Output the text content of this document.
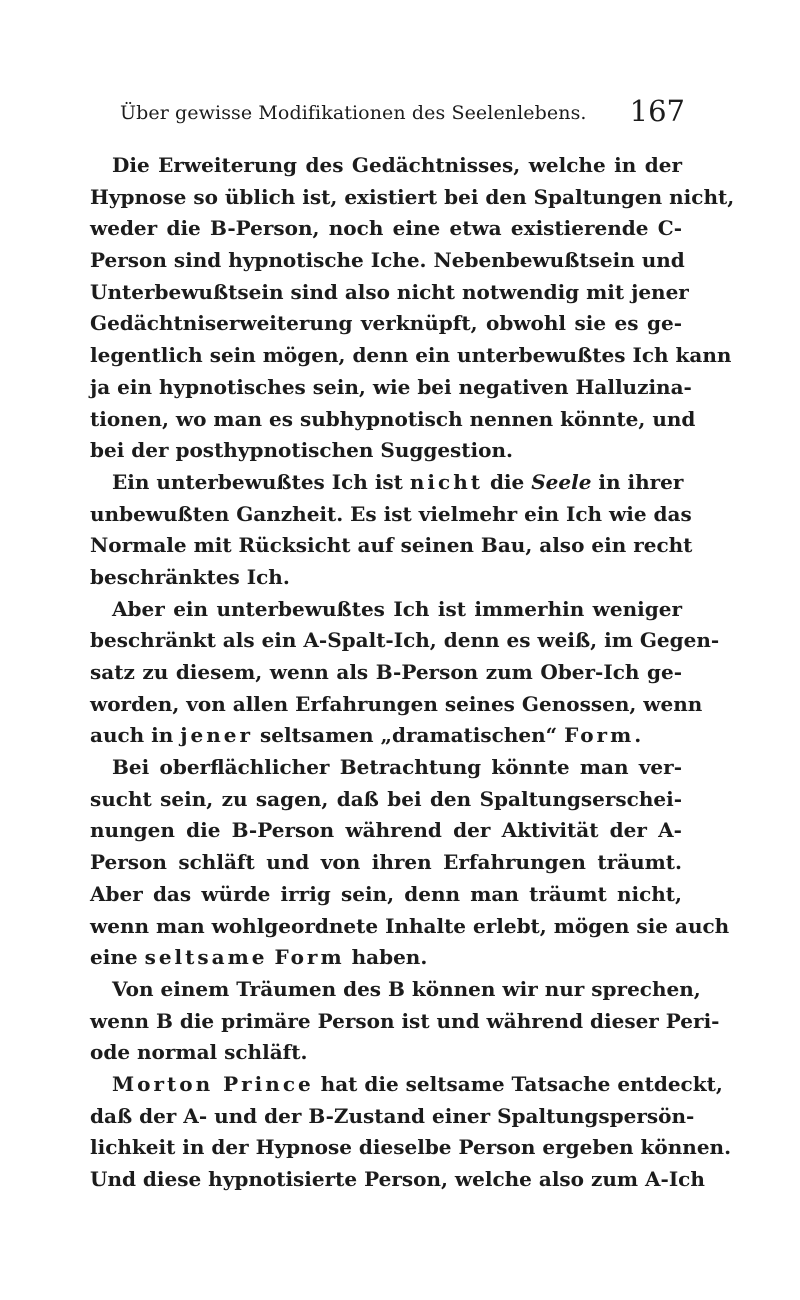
Über gewisse Modifikationen des Seelenlebens. 167
Die Erweiterung des Gedächtnisses, welche in der
Hypnose so üblich ist, existiert bei den Spaltungen nicht,
weder die B-Person, noch eine etwa existierende C-
Person sind hypnotische Iche. Nebenbewußtsein und
Unterbewußtsein sind also nicht notwendig mit jener
Gedächtniserweiterung verknüpft, obwohl sie es ge-
legentlich sein mögen, denn ein unterbewußtes Ich kann
ja ein hypnotisches sein, wie bei negativen Halluzina-
tionen, wo man es subhypnotisch nennen könnte, und
bei der posthypnotischen Suggestion.
Ein unterbewußtes Ich ist nicht die Seele in ihrer
unbewußten Ganzheit. Es ist vielmehr ein Ich wie das
Normale mit Rücksicht auf seinen Bau, also ein recht
beschränktes Ich.
Aber ein unterbewußtes Ich ist immerhin weniger
beschränkt als ein A-Spalt-Ich, denn es weiß, im Gegen-
satz zu diesem, wenn als B-Person zum Ober-Ich ge-
worden, von allen Erfahrungen seines Genossen, wenn
auch in jener seltsamen „dramatischen“ Form.
Bei oberflächlicher Betrachtung könnte man ver-
sucht sein, zu sagen, daß bei den Spaltungserschei-
nungen die B-Person während der Aktivität der A-
Person schläft und von ihren Erfahrungen träumt.
Aber das würde irrig sein, denn man träumt nicht,
wenn man wohlgeordnete Inhalte erlebt, mögen sie auch
eine seltsame Form haben.
Von einem Träumen des B können wir nur sprechen,
wenn B die primäre Person ist und während dieser Peri-
ode normal schläft.
Morton Prince hat die seltsame Tatsache entdeckt,
daß der A- und der B-Zustand einer Spaltungspersön-
lichkeit in der Hypnose dieselbe Person ergeben können.
Und diese hypnotisierte Person, welche also zum A-Ich
